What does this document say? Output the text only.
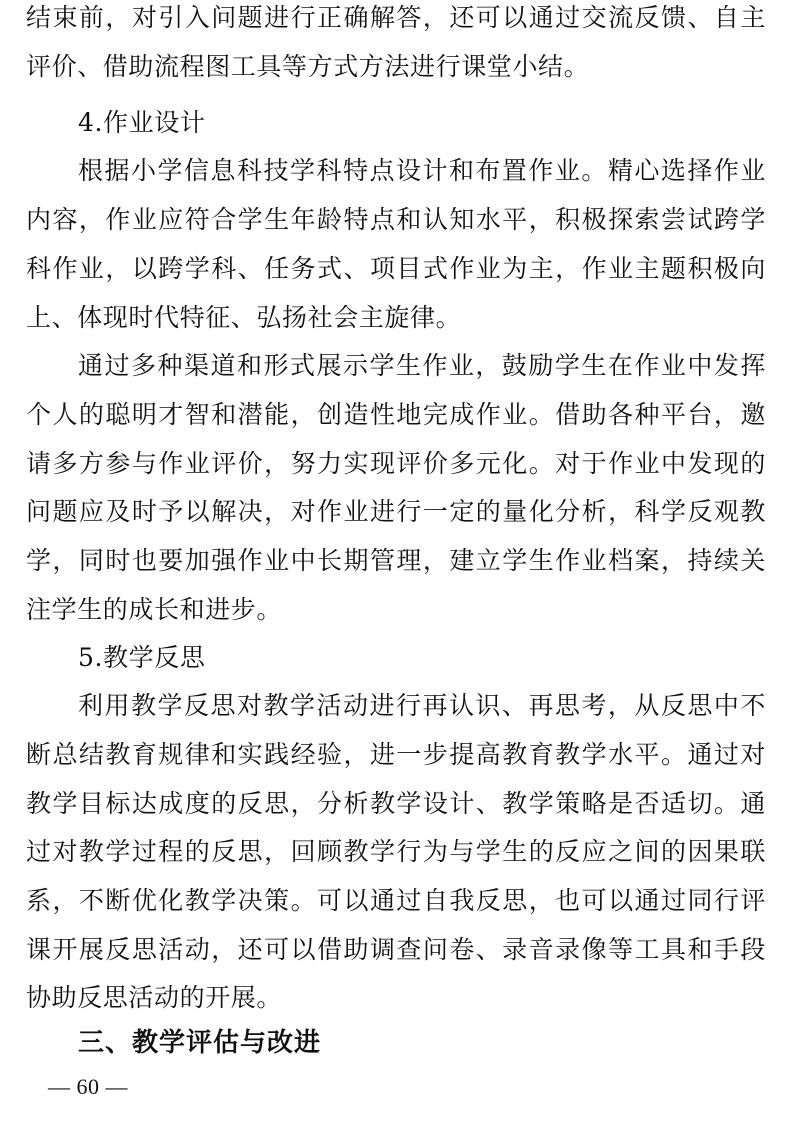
结束前，对引入问题进行正确解答，还可以通过交流反馈、自主
评价、借助流程图工具等方式方法进行课堂小结。
4.作业设计
根据小学信息科技学科特点设计和布置作业。精心选择作业
内容，作业应符合学生年龄特点和认知水平，积极探索尝试跨学
科作业，以跨学科、任务式、项目式作业为主，作业主题积极向
上、体现时代特征、弘扬社会主旋律。
通过多种渠道和形式展示学生作业，鼓励学生在作业中发挥
个人的聪明才智和潜能，创造性地完成作业。借助各种平台，邀
请多方参与作业评价，努力实现评价多元化。对于作业中发现的
问题应及时予以解决，对作业进行一定的量化分析，科学反观教
学，同时也要加强作业中长期管理，建立学生作业档案，持续关
注学生的成长和进步。
5.教学反思
利用教学反思对教学活动进行再认识、再思考，从反思中不
断总结教育规律和实践经验，进一步提高教育教学水平。通过对
教学目标达成度的反思，分析教学设计、教学策略是否适切。通
过对教学过程的反思，回顾教学行为与学生的反应之间的因果联
系，不断优化教学决策。可以通过自我反思，也可以通过同行评
课开展反思活动，还可以借助调查问卷、录音录像等工具和手段
协助反思活动的开展。
三、教学评估与改进
— 60 —
